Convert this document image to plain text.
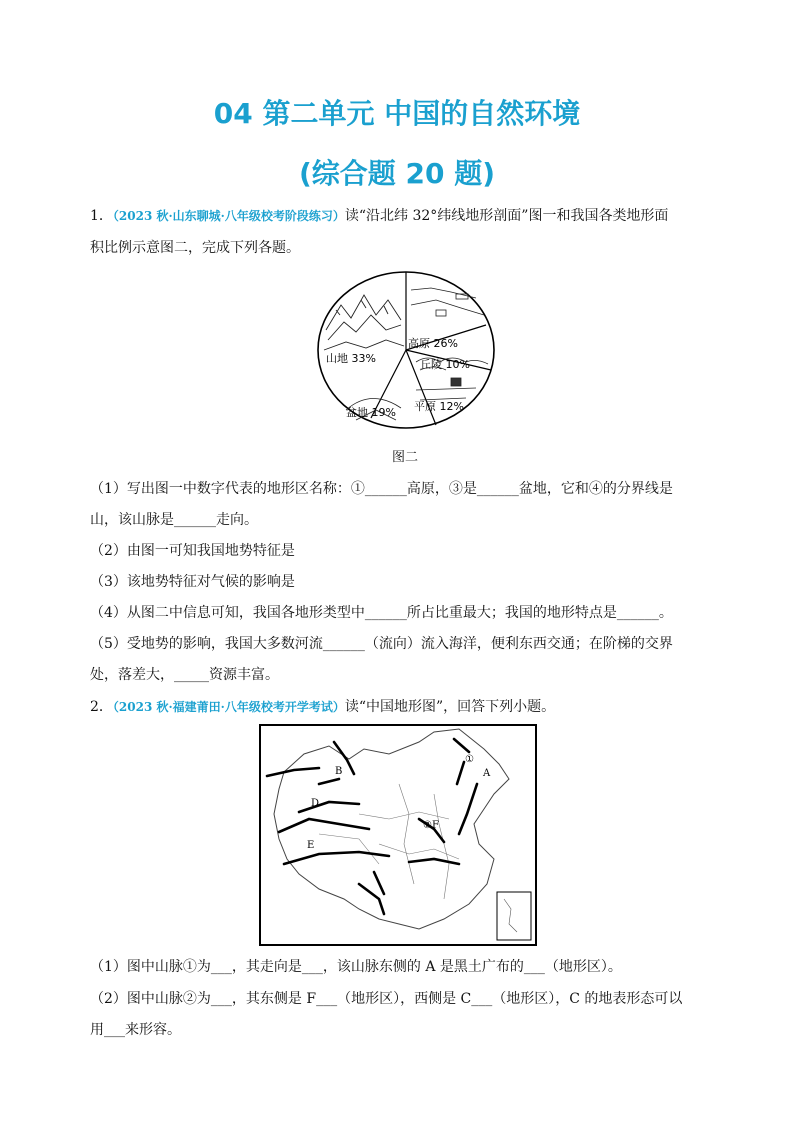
04 第二单元 中国的自然环境
(综合题 20 题)
1．（2023 秋·山东聊城·八年级校考阶段练习）读“沿北纬 32°纬线地形剖面”图一和我国各类地形面
积比例示意图二，完成下列各题。
高原 26%
丘陵 10%
山地 33%
平原 12%
盆地 19%
图二
（1）写出图一中数字代表的地形区名称：①______高原，③是______盆地，它和④的分界线是
山，该山脉是______走向。
（2）由图一可知我国地势特征是
（3）该地势特征对气候的影响是
（4）从图二中信息可知，我国各地形类型中______所占比重最大；我国的地形特点是______。
（5）受地势的影响，我国大多数河流______（流向）流入海洋，便利东西交通；在阶梯的交界
处，落差大，_____资源丰富。
2．（2023 秋·福建莆田·八年级校考开学考试）读“中国地形图”，回答下列小题。
B
D
E
A
①
②F
（1）图中山脉①为___，其走向是___，该山脉东侧的 A 是黑土广布的___（地形区）。
（2）图中山脉②为___，其东侧是 F___（地形区），西侧是 C___（地形区），C 的地表形态可以
用___来形容。
